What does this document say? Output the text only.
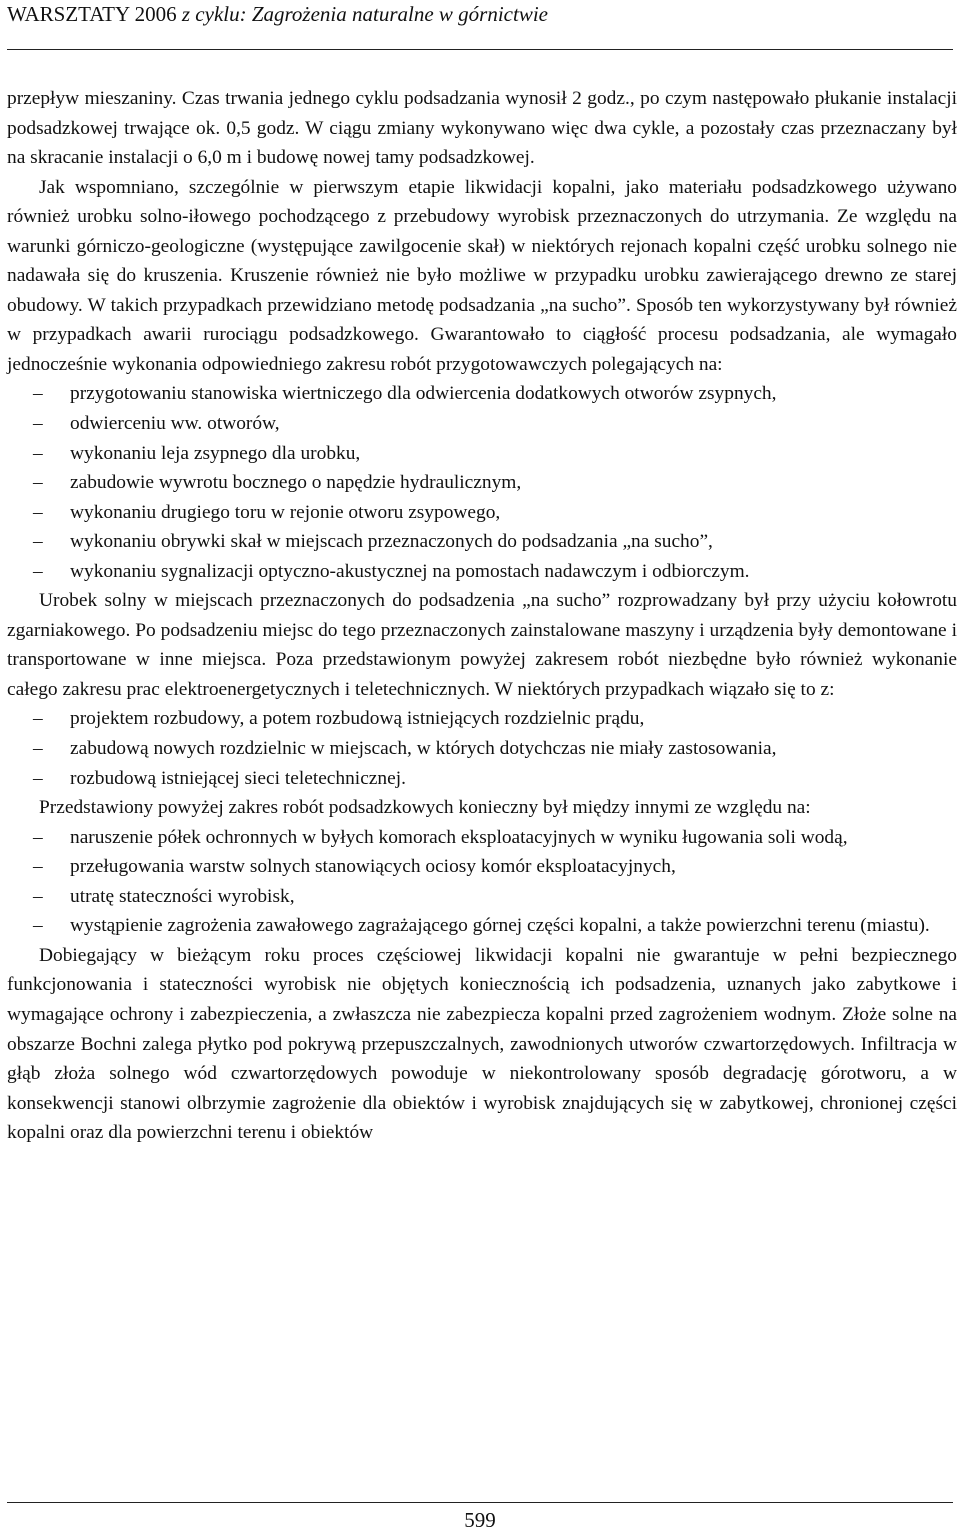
WARSZTATY 2006 z cyklu: Zagrożenia naturalne w górnictwie

przepływ mieszaniny. Czas trwania jednego cyklu podsadzania wynosił 2 godz., po czym następowało płukanie instalacji podsadzkowej trwające ok. 0,5 godz. W ciągu zmiany wykonywano więc dwa cykle, a pozostały czas przeznaczany był na skracanie instalacji o 6,0 m i budowę nowej tamy podsadzkowej.

Jak wspomniano, szczególnie w pierwszym etapie likwidacji kopalni, jako materiału podsadzkowego używano również urobku solno-iłowego pochodzącego z przebudowy wyrobisk przeznaczonych do utrzymania. Ze względu na warunki górniczo-geologiczne (występujące zawilgocenie skał) w niektórych rejonach kopalni część urobku solnego nie nadawała się do kruszenia. Kruszenie również nie było możliwe w przypadku urobku zawierającego drewno ze starej obudowy. W takich przypadkach przewidziano metodę podsadzania „na sucho”. Sposób ten wykorzystywany był również w przypadkach awarii rurociągu podsadzkowego. Gwarantowało to ciągłość procesu podsadzania, ale wymagało jednocześnie wykonania odpowiedniego zakresu robót przygotowawczych polegających na:

– przygotowaniu stanowiska wiertniczego dla odwiercenia dodatkowych otworów zsypnych,
– odwierceniu ww. otworów,
– wykonaniu leja zsypnego dla urobku,
– zabudowie wywrotu bocznego o napędzie hydraulicznym,
– wykonaniu drugiego toru w rejonie otworu zsypowego,
– wykonaniu obrywki skał w miejscach przeznaczonych do podsadzania „na sucho”,
– wykonaniu sygnalizacji optyczno-akustycznej na pomostach nadawczym i odbiorczym.

Urobek solny w miejscach przeznaczonych do podsadzenia „na sucho” rozprowadzany był przy użyciu kołowrotu zgarniakowego. Po podsadzeniu miejsc do tego przeznaczonych zainstalowane maszyny i urządzenia były demontowane i transportowane w inne miejsca. Poza przedstawionym powyżej zakresem robót niezbędne było również wykonanie całego zakresu prac elektroenergetycznych i teletechnicznych. W niektórych przypadkach wiązało się to z:

– projektem rozbudowy, a potem rozbudową istniejących rozdzielnic prądu,
– zabudową nowych rozdzielnic w miejscach, w których dotychczas nie miały zastosowania,
– rozbudową istniejącej sieci teletechnicznej.

Przedstawiony powyżej zakres robót podsadzkowych konieczny był między innymi ze względu na:

– naruszenie półek ochronnych w byłych komorach eksploatacyjnych w wyniku ługowania soli wodą,
– przeługowania warstw solnych stanowiących ociosy komór eksploatacyjnych,
– utratę stateczności wyrobisk,
– wystąpienie zagrożenia zawałowego zagrażającego górnej części kopalni, a także powierzchni terenu (miastu).

Dobiegający w bieżącym roku proces częściowej likwidacji kopalni nie gwarantuje w pełni bezpiecznego funkcjonowania i stateczności wyrobisk nie objętych koniecznością ich podsadzenia, uznanych jako zabytkowe i wymagające ochrony i zabezpieczenia, a zwłaszcza nie zabezpiecza kopalni przed zagrożeniem wodnym. Złoże solne na obszarze Bochni zalega płytko pod pokrywą przepuszczalnych, zawodnionych utworów czwartorzędowych. Infiltracja w głąb złoża solnego wód czwartorzędowych powoduje w niekontrolowany sposób degradację górotworu, a w konsekwencji stanowi olbrzymie zagrożenie dla obiektów i wyrobisk znajdujących się w zabytkowej, chronionej części kopalni oraz dla powierzchni terenu i obiektów

599
